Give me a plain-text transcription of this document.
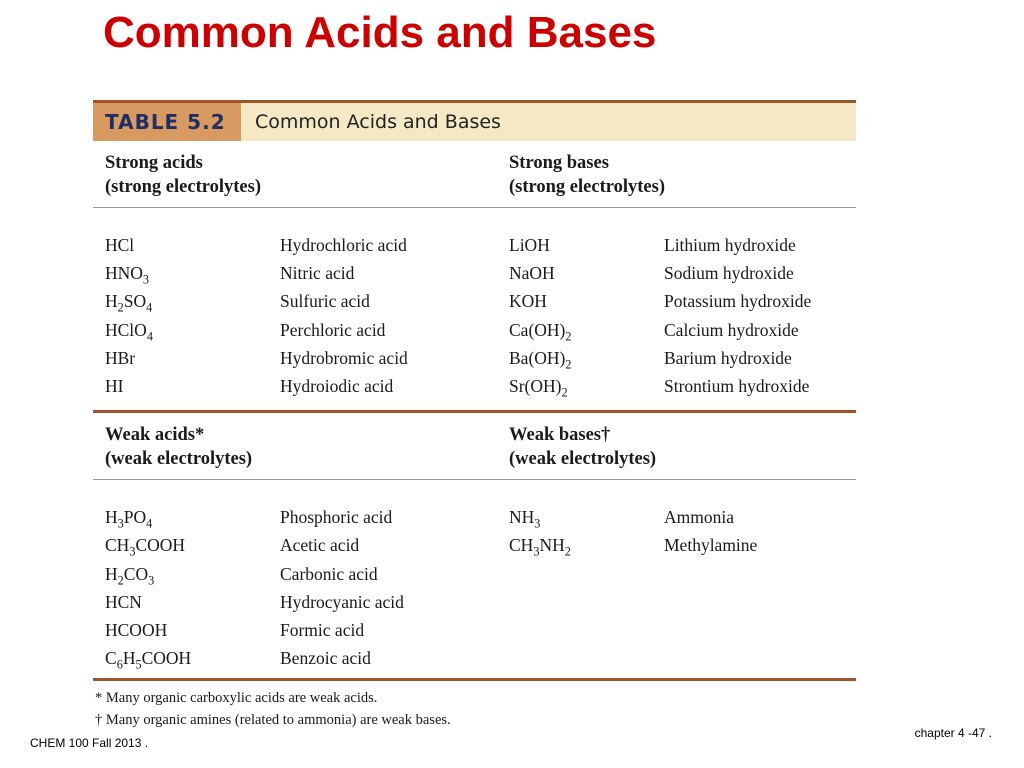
Common Acids and Bases
TABLE 5.2	Common Acids and Bases
Strong acids
(strong electrolytes)
Strong bases
(strong electrolytes)
HCl	Hydrochloric acid	LiOH	Lithium hydroxide
$HNO_3$	Nitric acid	NaOH	Sodium hydroxide
$H_2SO_4$	Sulfuric acid	KOH	Potassium hydroxide
HClO$_4$	Perchloric acid	$Ca(OH)_2$	Calcium hydroxide
HBr	Hydrobromic acid	$Ba(OH)_2$	Barium hydroxide
HI	Hydroiodic acid	$Sr(OH)_2$	Strontium hydroxide
Weak acids*
(weak electrolytes)
Weak bases†
(weak electrolytes)
$H_3PO_4$	Phosphoric acid	$NH_3$	Ammonia
$CH_3COOH$	Acetic acid	$CH_3NH_2$	Methylamine
$H_2CO_3$	Carbonic acid
HCN	Hydrocyanic acid
HCOOH	Formic acid
$C_6H_5COOH$	Benzoic acid
* Many organic carboxylic acids are weak acids.
† Many organic amines (related to ammonia) are weak bases.
CHEM 100 Fall 2013 .
chapter 4 -47 .
